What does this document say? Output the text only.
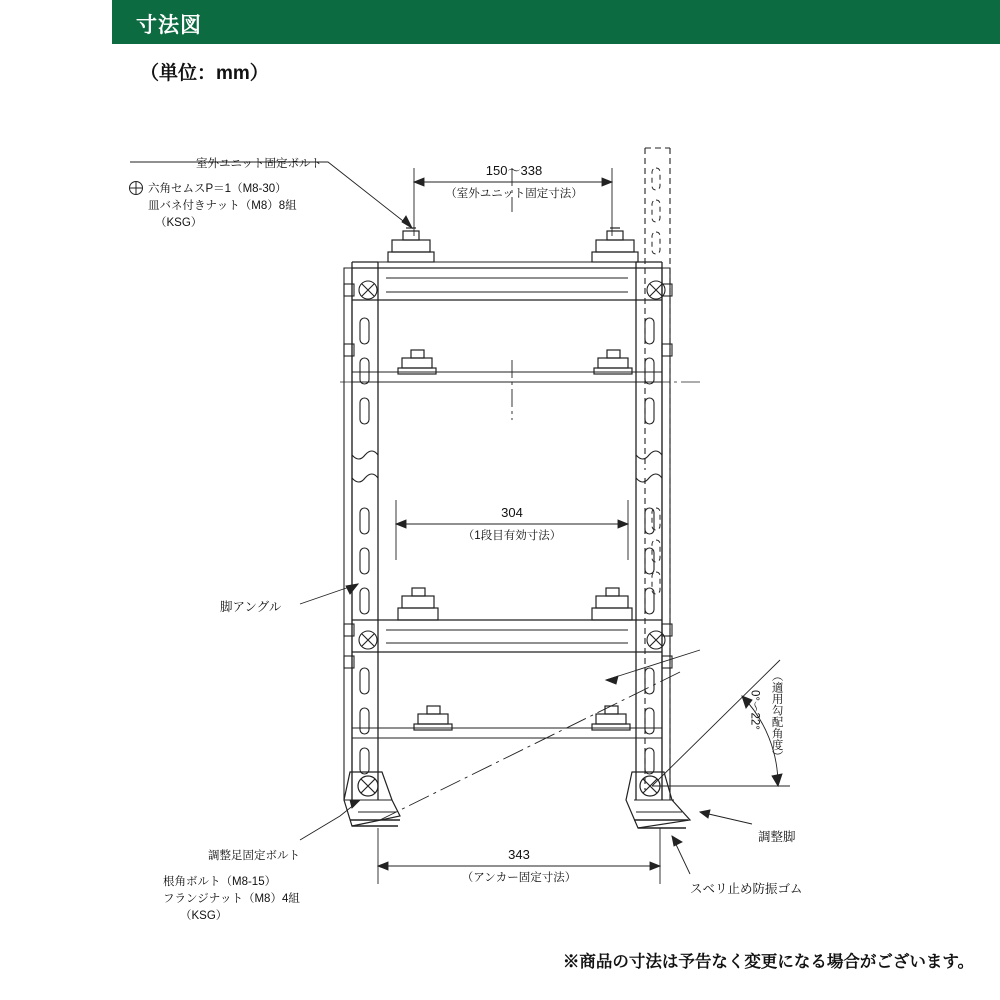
寸法図
（単位：mm）
室外ユニット固定ボルト
六角セムスP＝1（M8-30）
皿バネ付きナット（M8）8組
（KSG）
脚アングル
調整足固定ボルト
根角ボルト（M8-15）
フランジナット（M8）4組
（KSG）
調整脚
スベリ止め防振ゴム
150～338
（室外ユニット固定寸法）
304
（1段目有効寸法）
343
（アンカー固定寸法）
0°～22° （適用勾配角度）
※商品の寸法は予告なく変更になる場合がございます。
